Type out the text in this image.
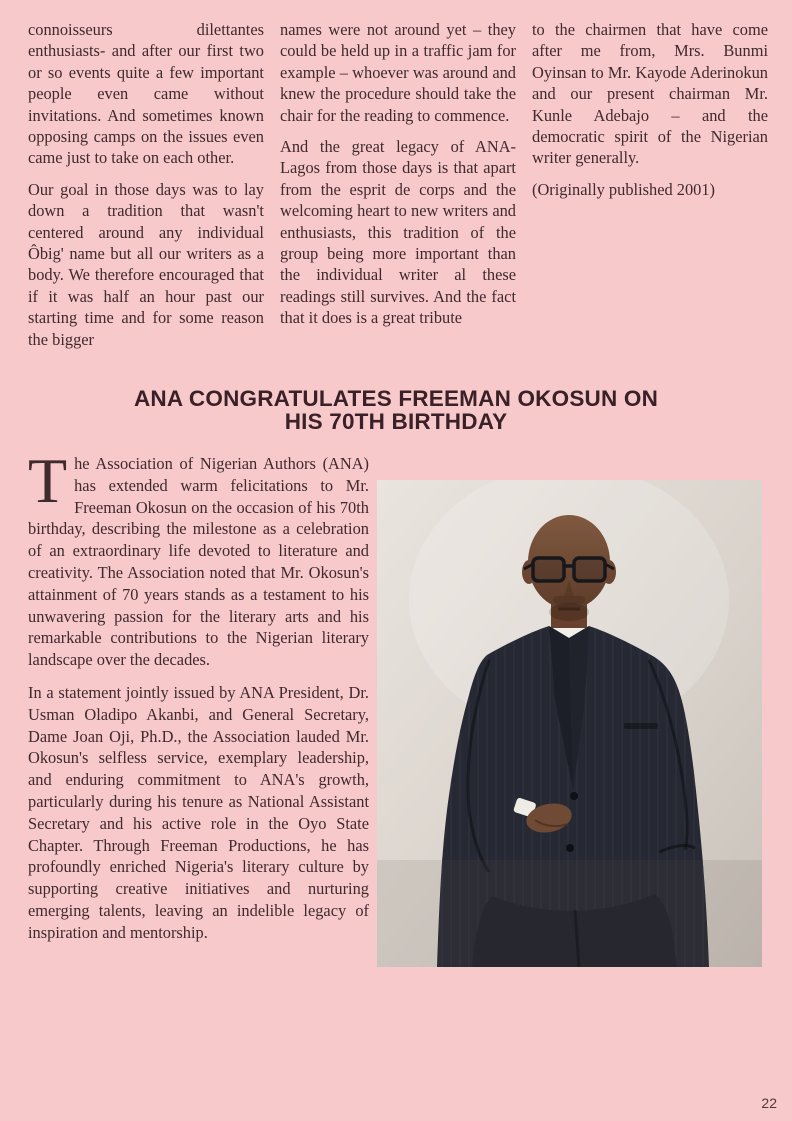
connoisseurs dilettantes enthusiasts- and after our first two or so events quite a few important people even came without invitations. And sometimes known opposing camps on the issues even came just to take on each other.

Our goal in those days was to lay down a tradition that wasn't centered around any individual Ôbig' name but all our writers as a body. We therefore encouraged that if it was half an hour past our starting time and for some reason the bigger

names were not around yet – they could be held up in a traffic jam for example – whoever was around and knew the procedure should take the chair for the reading to commence.

And the great legacy of ANA-Lagos from those days is that apart from the esprit de corps and the welcoming heart to new writers and enthusiasts, this tradition of the group being more important than the individual writer al these readings still survives. And the fact that it does is a great tribute

to the chairmen that have come after me from, Mrs. Bunmi Oyinsan to Mr. Kayode Aderinokun and our present chairman Mr. Kunle Adebajo – and the democratic spirit of the Nigerian writer generally.

(Originally published 2001)

ANA CONGRATULATES FREEMAN OKOSUN ON
HIS 70TH BIRTHDAY

The Association of Nigerian Authors (ANA) has extended warm felicitations to Mr. Freeman Okosun on the occasion of his 70th birthday, describing the milestone as a celebration of an extraordinary life devoted to literature and creativity. The Association noted that Mr. Okosun's attainment of 70 years stands as a testament to his unwavering passion for the literary arts and his remarkable contributions to the Nigerian literary landscape over the decades.

In a statement jointly issued by ANA President, Dr. Usman Oladipo Akanbi, and General Secretary, Dame Joan Oji, Ph.D., the Association lauded Mr. Okosun's selfless service, exemplary leadership, and enduring commitment to ANA's growth, particularly during his tenure as National Assistant Secretary and his active role in the Oyo State Chapter. Through Freeman Productions, he has profoundly enriched Nigeria's literary culture by supporting creative initiatives and nurturing emerging talents, leaving an indelible legacy of inspiration and mentorship.

22
